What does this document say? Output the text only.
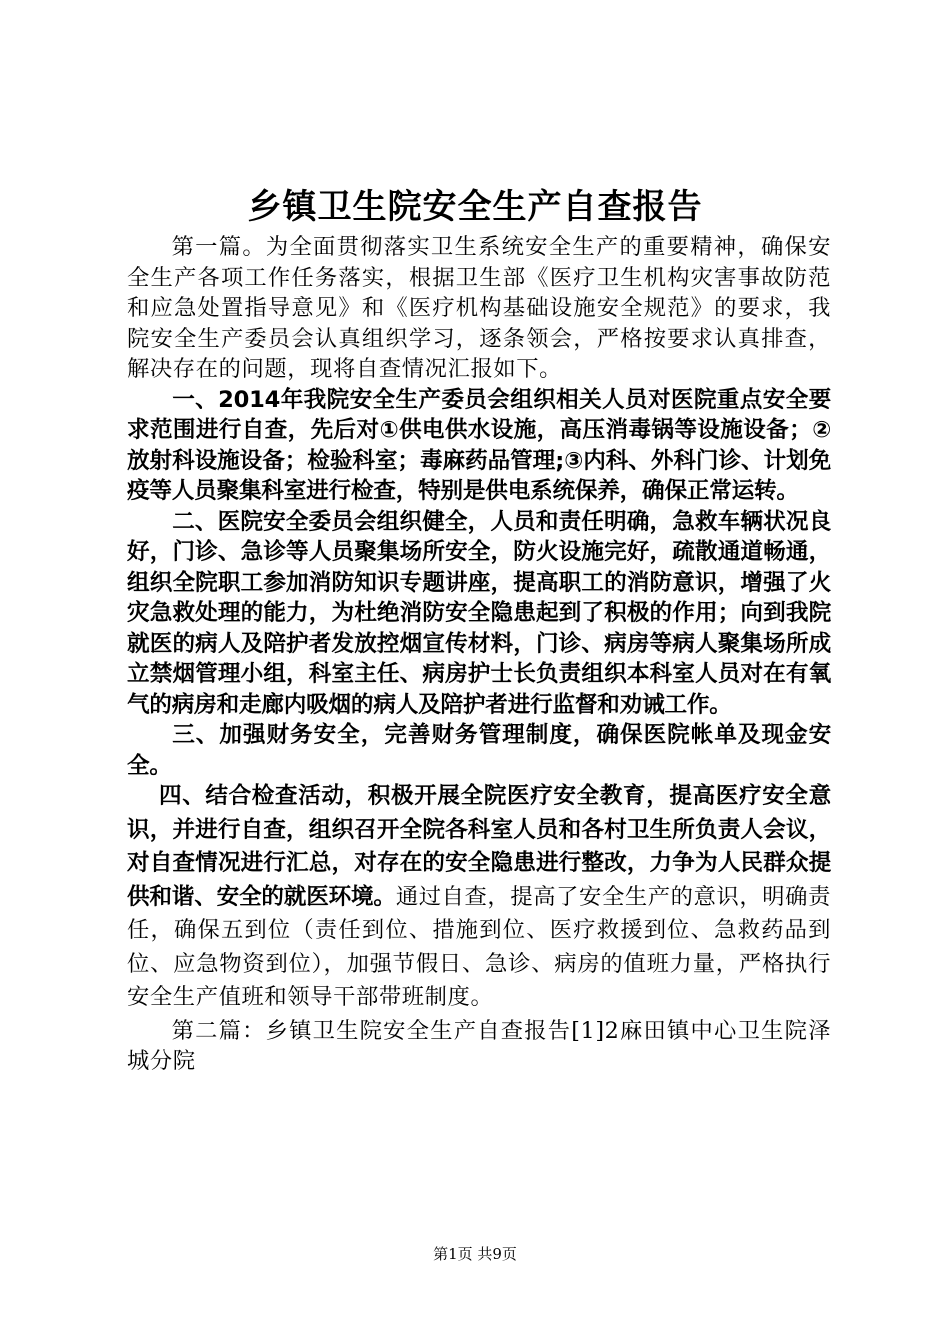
乡镇卫生院安全生产自查报告

第一篇。为全面贯彻落实卫生系统安全生产的重要精神，确保安全生产各项工作任务落实，根据卫生部《医疗卫生机构灾害事故防范和应急处置指导意见》和《医疗机构基础设施安全规范》的要求，我院安全生产委员会认真组织学习，逐条领会，严格按要求认真排查，解决存在的问题，现将自查情况汇报如下。

一、2014年我院安全生产委员会组织相关人员对医院重点安全要求范围进行自查，先后对①供电供水设施，高压消毒锅等设施设备；②放射科设施设备；检验科室；毒麻药品管理;③内科、外科门诊、计划免疫等人员聚集科室进行检查，特别是供电系统保养，确保正常运转。

二、医院安全委员会组织健全，人员和责任明确，急救车辆状况良好，门诊、急诊等人员聚集场所安全，防火设施完好，疏散通道畅通，组织全院职工参加消防知识专题讲座，提高职工的消防意识，增强了火灾急救处理的能力，为杜绝消防安全隐患起到了积极的作用；向到我院就医的病人及陪护者发放控烟宣传材料，门诊、病房等病人聚集场所成立禁烟管理小组，科室主任、病房护士长负责组织本科室人员对在有氧气的病房和走廊内吸烟的病人及陪护者进行监督和劝诫工作。

三、加强财务安全，完善财务管理制度，确保医院帐单及现金安全。

四、结合检查活动，积极开展全院医疗安全教育，提高医疗安全意识，并进行自查，组织召开全院各科室人员和各村卫生所负责人会议，对自查情况进行汇总，对存在的安全隐患进行整改，力争为人民群众提供和谐、安全的就医环境。通过自查，提高了安全生产的意识，明确责任，确保五到位（责任到位、措施到位、医疗救援到位、急救药品到位、应急物资到位），加强节假日、急诊、病房的值班力量，严格执行安全生产值班和领导干部带班制度。

第二篇：乡镇卫生院安全生产自查报告[1]2麻田镇中心卫生院泽城分院

第1页 共9页
